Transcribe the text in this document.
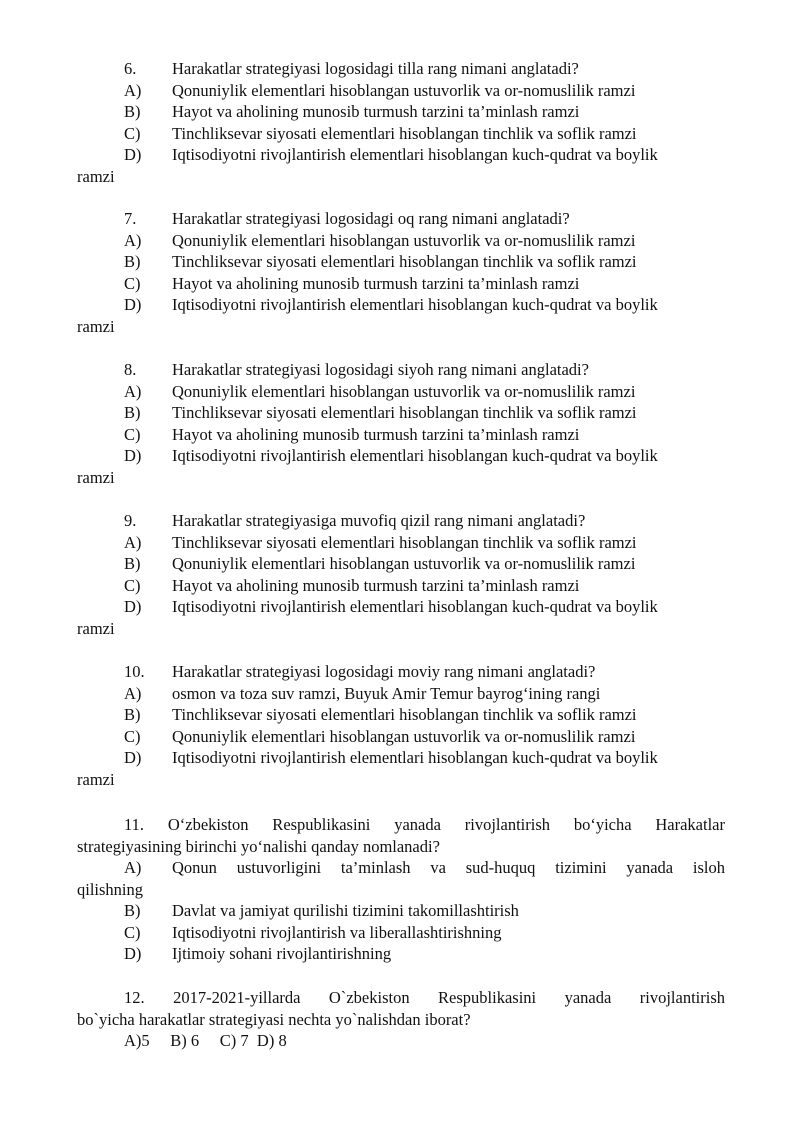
6. Harakatlar strategiyasi logosidagi tilla rang nimani anglatadi?
A) Qonuniylik elementlari hisoblangan ustuvorlik va or-nomuslilik ramzi
B) Hayot va aholining munosib turmush tarzini ta’minlash ramzi
C) Tinchliksevar siyosati elementlari hisoblangan tinchlik va soflik ramzi
D) Iqtisodiyotni rivojlantirish elementlari hisoblangan kuch-qudrat va boylik
ramzi
7. Harakatlar strategiyasi logosidagi oq rang nimani anglatadi?
A) Qonuniylik elementlari hisoblangan ustuvorlik va or-nomuslilik ramzi
B) Tinchliksevar siyosati elementlari hisoblangan tinchlik va soflik ramzi
C) Hayot va aholining munosib turmush tarzini ta’minlash ramzi
D) Iqtisodiyotni rivojlantirish elementlari hisoblangan kuch-qudrat va boylik
ramzi
8. Harakatlar strategiyasi logosidagi siyoh rang nimani anglatadi?
A) Qonuniylik elementlari hisoblangan ustuvorlik va or-nomuslilik ramzi
B) Tinchliksevar siyosati elementlari hisoblangan tinchlik va soflik ramzi
C) Hayot va aholining munosib turmush tarzini ta’minlash ramzi
D) Iqtisodiyotni rivojlantirish elementlari hisoblangan kuch-qudrat va boylik
ramzi
9. Harakatlar strategiyasiga muvofiq qizil rang nimani anglatadi?
A) Tinchliksevar siyosati elementlari hisoblangan tinchlik va soflik ramzi
B) Qonuniylik elementlari hisoblangan ustuvorlik va or-nomuslilik ramzi
C) Hayot va aholining munosib turmush tarzini ta’minlash ramzi
D) Iqtisodiyotni rivojlantirish elementlari hisoblangan kuch-qudrat va boylik
ramzi
10. Harakatlar strategiyasi logosidagi moviy rang nimani anglatadi?
A) osmon va toza suv ramzi, Buyuk Amir Temur bayrog‘ining rangi
B) Tinchliksevar siyosati elementlari hisoblangan tinchlik va soflik ramzi
C) Qonuniylik elementlari hisoblangan ustuvorlik va or-nomuslilik ramzi
D) Iqtisodiyotni rivojlantirish elementlari hisoblangan kuch-qudrat va boylik
ramzi
11. O‘zbekiston Respublikasini yanada rivojlantirish bo‘yicha Harakatlar
strategiyasining birinchi yo‘nalishi qanday nomlanadi?
A) Qonun ustuvorligini ta’minlash va sud-huquq tizimini yanada isloh
qilishning
B) Davlat va jamiyat qurilishi tizimini takomillashtirish
C) Iqtisodiyotni rivojlantirish va liberallashtirishning
D) Ijtimoiy sohani rivojlantirishning
12. 2017-2021-yillarda O`zbekiston Respublikasini yanada rivojlantirish
bo`yicha harakatlar strategiyasi nechta yo`nalishdan iborat?
A)5     B) 6     C) 7  D) 8
